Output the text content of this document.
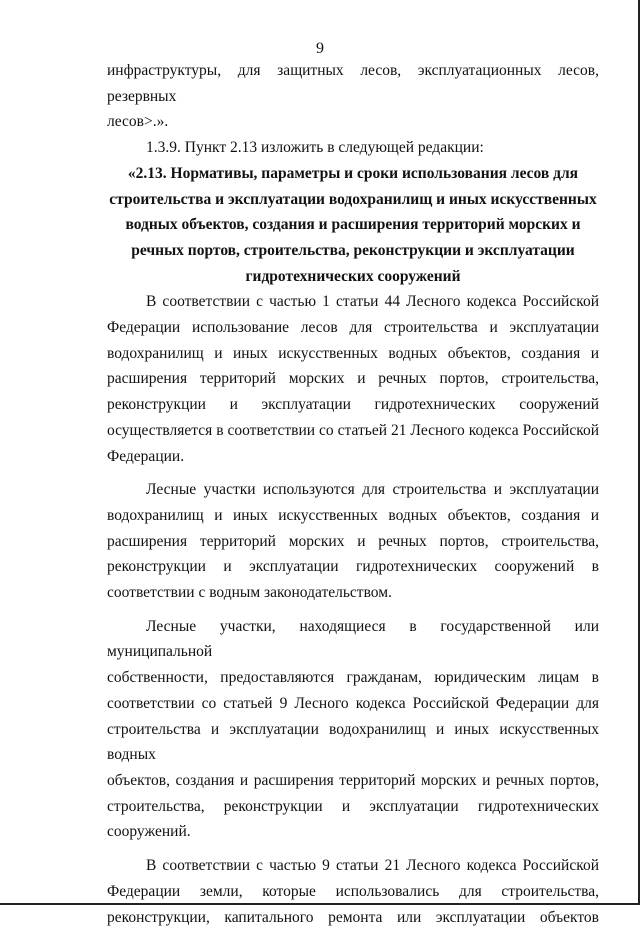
9

инфраструктуры, для защитных лесов, эксплуатационных лесов, резервных

лесов>.».

1.3.9. Пункт 2.13 изложить в следующей редакции:

«2.13. Нормативы, параметры и сроки использования лесов для

строительства и эксплуатации водохранилищ и иных искусственных

водных объектов, создания и расширения территорий морских и

речных портов, строительства, реконструкции и эксплуатации

гидротехнических сооружений

В соответствии с частью 1 статьи 44 Лесного кодекса Российской

Федерации использование лесов для строительства и эксплуатации

водохранилищ и иных искусственных водных объектов, создания и

расширения территорий морских и речных портов, строительства,

реконструкции и эксплуатации гидротехнических сооружений

осуществляется в соответствии со статьей 21 Лесного кодекса Российской

Федерации.

Лесные участки используются для строительства и эксплуатации

водохранилищ и иных искусственных водных объектов, создания и

расширения территорий морских и речных портов, строительства,

реконструкции и эксплуатации гидротехнических сооружений в

соответствии с водным законодательством.

Лесные участки, находящиеся в государственной или муниципальной

собственности, предоставляются гражданам, юридическим лицам в

соответствии со статьей 9 Лесного кодекса Российской Федерации для

строительства и эксплуатации водохранилищ и иных искусственных водных

объектов, создания и расширения территорий морских и речных портов,

строительства, реконструкции и эксплуатации гидротехнических

сооружений.

В соответствии с частью 9 статьи 21 Лесного кодекса Российской

Федерации земли, которые использовались для строительства,

реконструкции, капитального ремонта или эксплуатации объектов
